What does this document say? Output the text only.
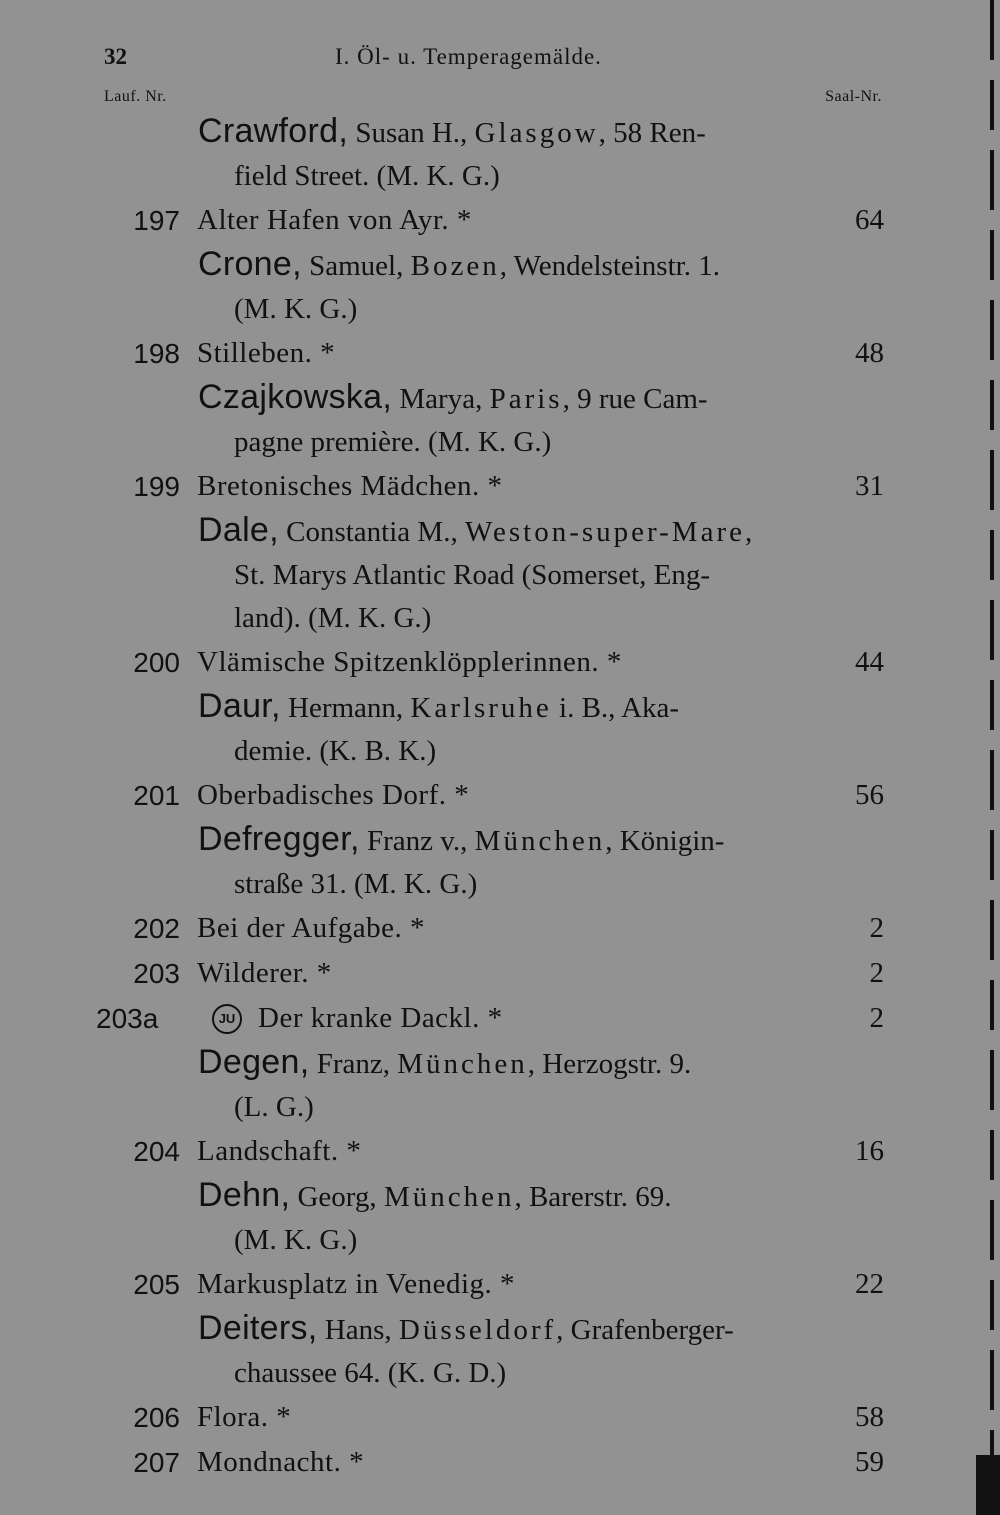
32	I. Öl- u. Temperagemälde.
Lauf. Nr.	Saal-Nr.
Crawford, Susan H., Glasgow, 58 Ren-
field Street. (M. K. G.)
197 Alter Hafen von Ayr. *	64
Crone, Samuel, Bozen, Wendelsteinstr. 1.
(M. K. G.)
198 Stilleben. *	48
Czajkowska, Marya, Paris, 9 rue Cam-
pagne première. (M. K. G.)
199 Bretonisches Mädchen. *	31
Dale, Constantia M., Weston-super-Mare,
St. Marys Atlantic Road (Somerset, Eng-
land). (M. K. G.)
200 Vlämische Spitzenklöpplerinnen. *	44
Daur, Hermann, Karlsruhe i. B., Aka-
demie. (K. B. K.)
201 Oberbadisches Dorf. *	56
Defregger, Franz v., München, Königin-
straße 31. (M. K. G.)
202 Bei der Aufgabe. *	2
203 Wilderer. *	2
203a	JU Der kranke Dackl. *	2
Degen, Franz, München, Herzogstr. 9.
(L. G.)
204 Landschaft. *	16
Dehn, Georg, München, Barerstr. 69.
(M. K. G.)
205 Markusplatz in Venedig. *	22
Deiters, Hans, Düsseldorf, Grafenberger-
chaussee 64. (K. G. D.)
206 Flora. *	58
207 Mondnacht. *	59
